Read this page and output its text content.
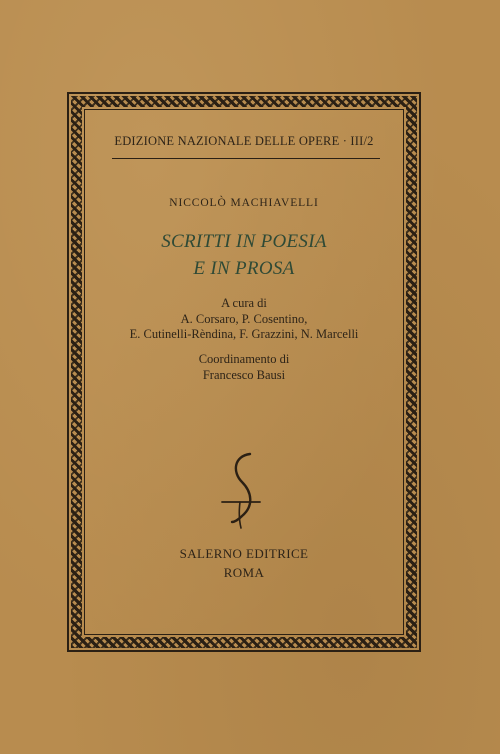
EDIZIONE NAZIONALE DELLE OPERE · III/2
NICCOLÒ MACHIAVELLI
SCRITTI IN POESIA
E IN PROSA
A cura di
A. Corsaro, P. Cosentino,
E. Cutinelli-Rèndina, F. Grazzini, N. Marcelli
Coordinamento di
Francesco Bausi
SALERNO EDITRICE
ROMA
